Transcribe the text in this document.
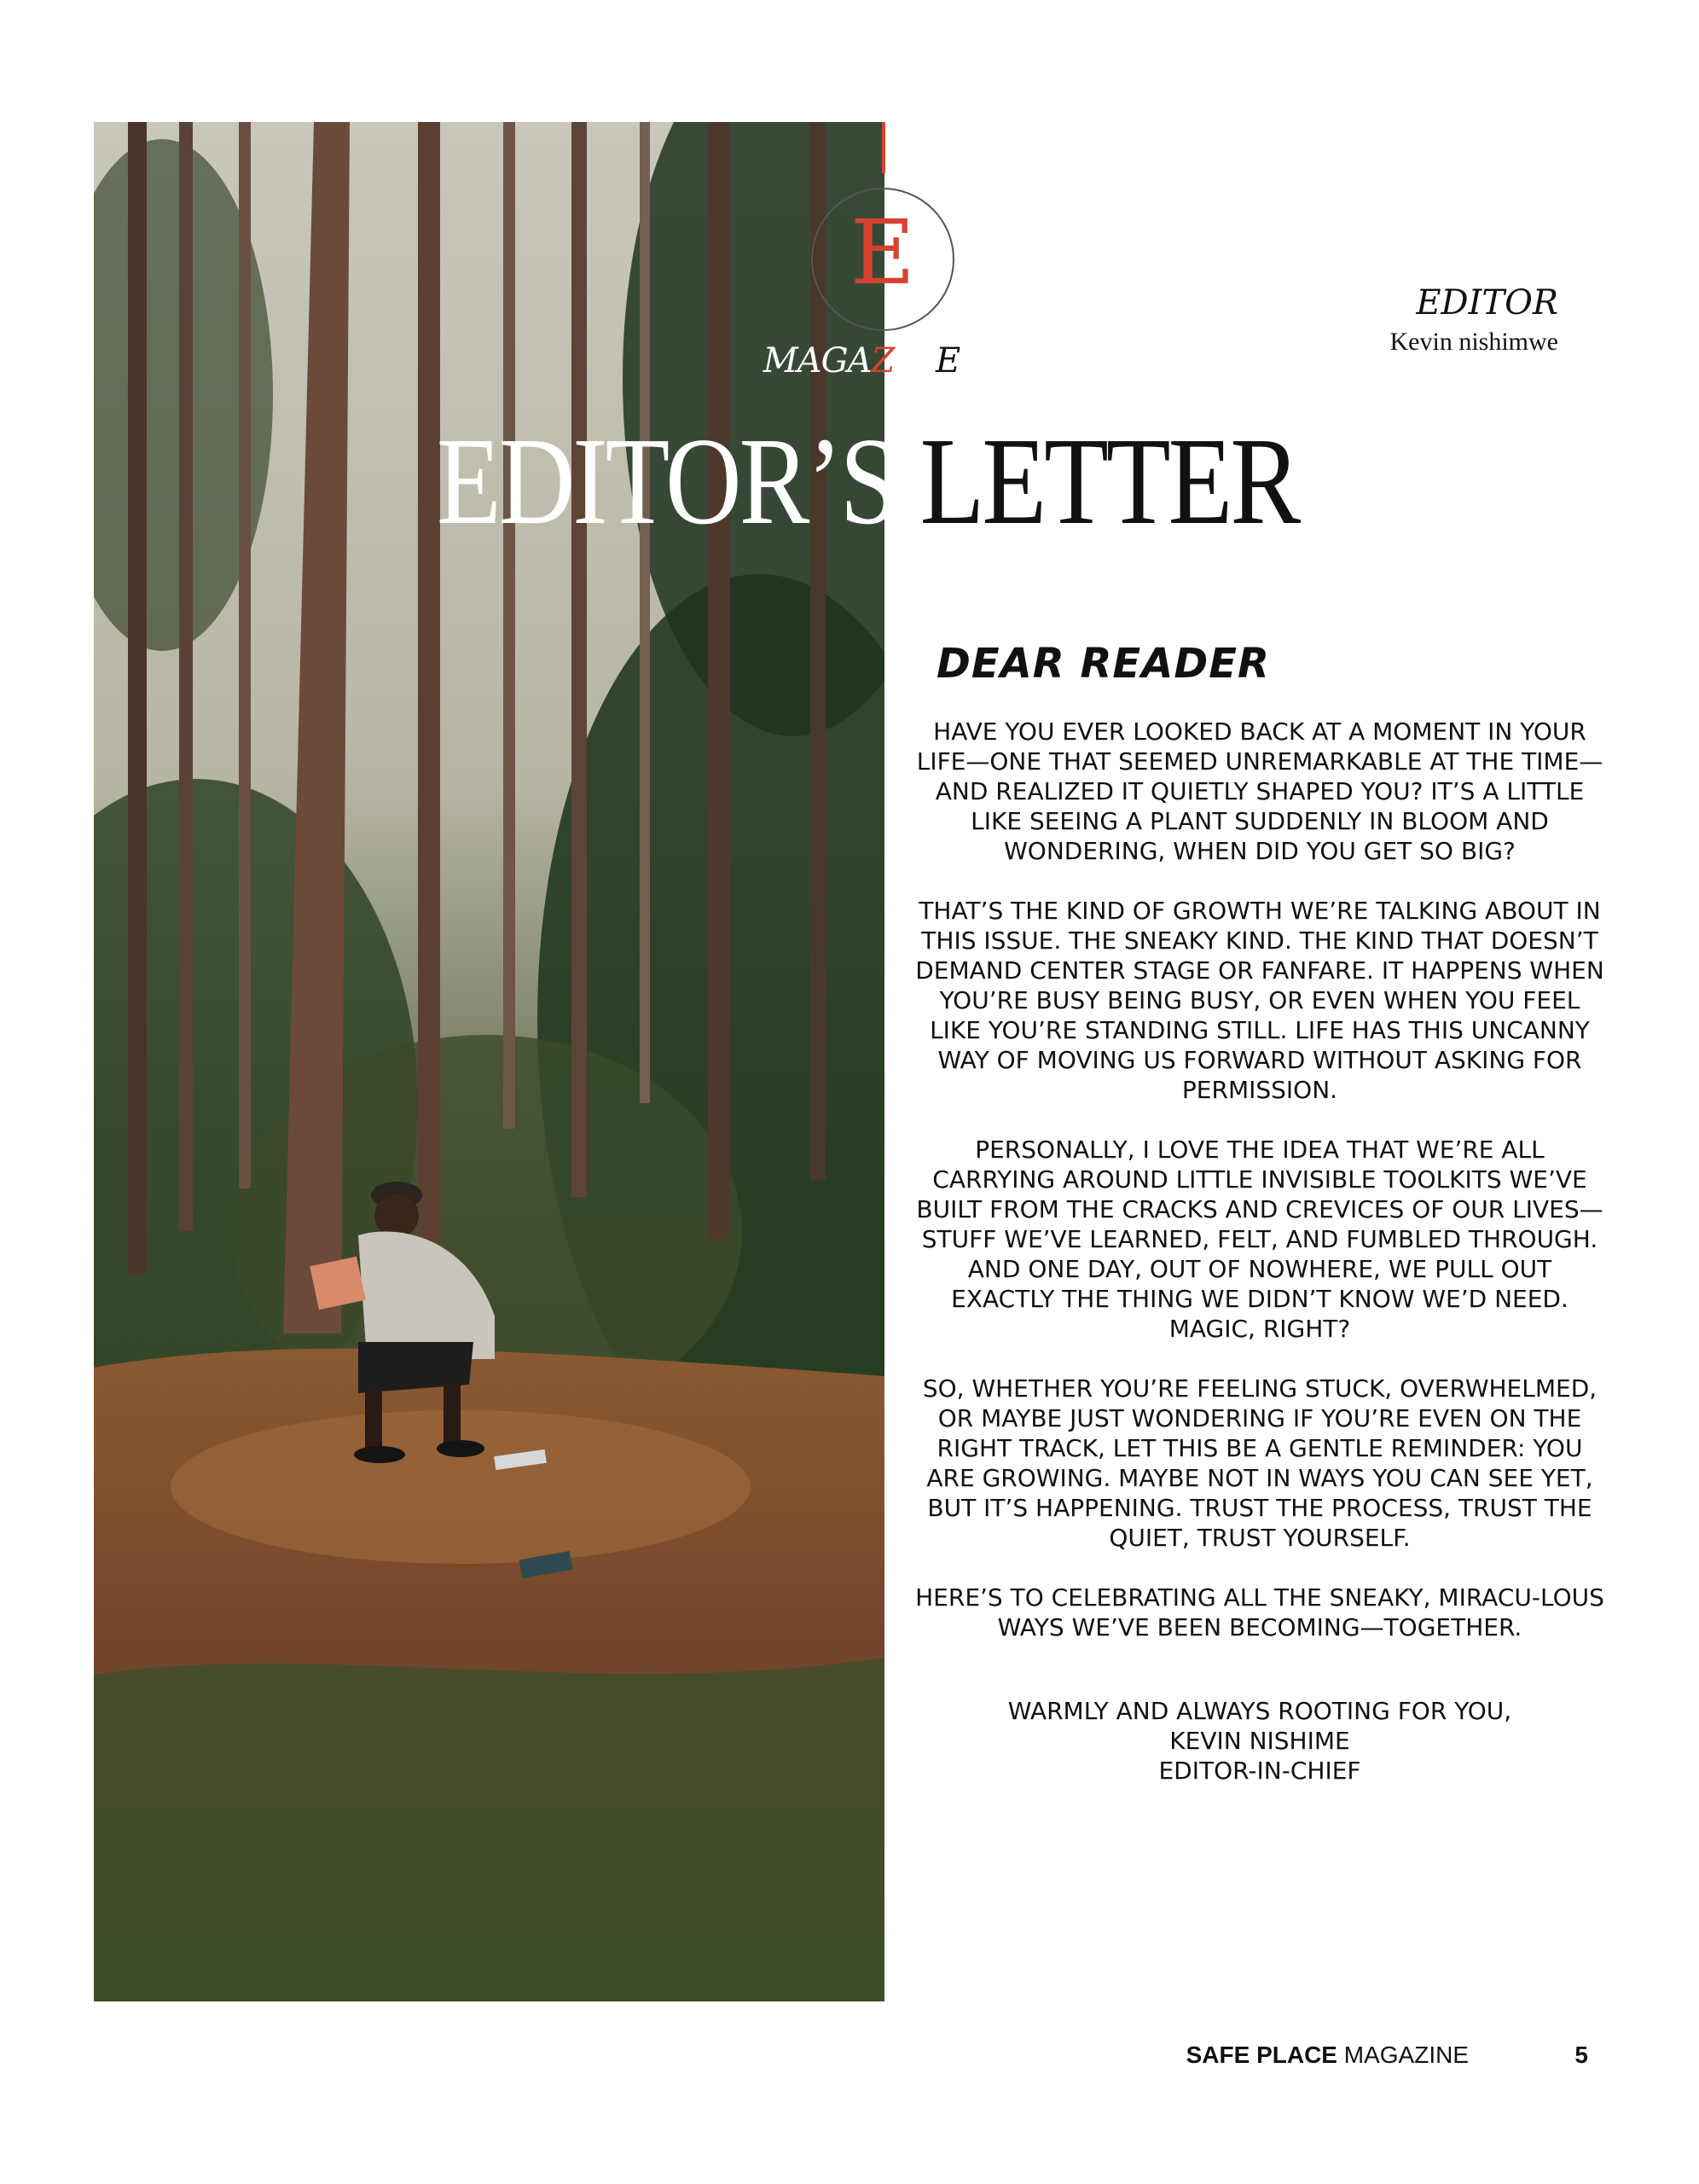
E
MAGAZINE
EDITOR
Kevin nishimwe
EDITOR’S LETTER
DEAR READER

HAVE YOU EVER LOOKED BACK AT A MOMENT IN YOUR LIFE—ONE THAT SEEMED UNREMARKABLE AT THE TIME—AND REALIZED IT QUIETLY SHAPED YOU? IT’S A LITTLE LIKE SEEING A PLANT SUDDENLY IN BLOOM AND WONDERING, WHEN DID YOU GET SO BIG?

THAT’S THE KIND OF GROWTH WE’RE TALKING ABOUT IN THIS ISSUE. THE SNEAKY KIND. THE KIND THAT DOESN’T DEMAND CENTER STAGE OR FANFARE. IT HAPPENS WHEN YOU’RE BUSY BEING BUSY, OR EVEN WHEN YOU FEEL LIKE YOU’RE STANDING STILL. LIFE HAS THIS UNCANNY WAY OF MOVING US FORWARD WITHOUT ASKING FOR PERMISSION.

PERSONALLY, I LOVE THE IDEA THAT WE’RE ALL CARRYING AROUND LITTLE INVISIBLE TOOLKITS WE’VE BUILT FROM THE CRACKS AND CREVICES OF OUR LIVES—STUFF WE’VE LEARNED, FELT, AND FUMBLED THROUGH. AND ONE DAY, OUT OF NOWHERE, WE PULL OUT EXACTLY THE THING WE DIDN’T KNOW WE’D NEED. MAGIC, RIGHT?

SO, WHETHER YOU’RE FEELING STUCK, OVERWHELMED, OR MAYBE JUST WONDERING IF YOU’RE EVEN ON THE RIGHT TRACK, LET THIS BE A GENTLE REMINDER: YOU ARE GROWING. MAYBE NOT IN WAYS YOU CAN SEE YET, BUT IT’S HAPPENING. TRUST THE PROCESS, TRUST THE QUIET, TRUST YOURSELF.

HERE’S TO CELEBRATING ALL THE SNEAKY, MIRACU-LOUS WAYS WE’VE BEEN BECOMING—TOGETHER.

WARMLY AND ALWAYS ROOTING FOR YOU,
KEVIN NISHIME
EDITOR-IN-CHIEF
SAFE PLACE MAGAZINE	5
